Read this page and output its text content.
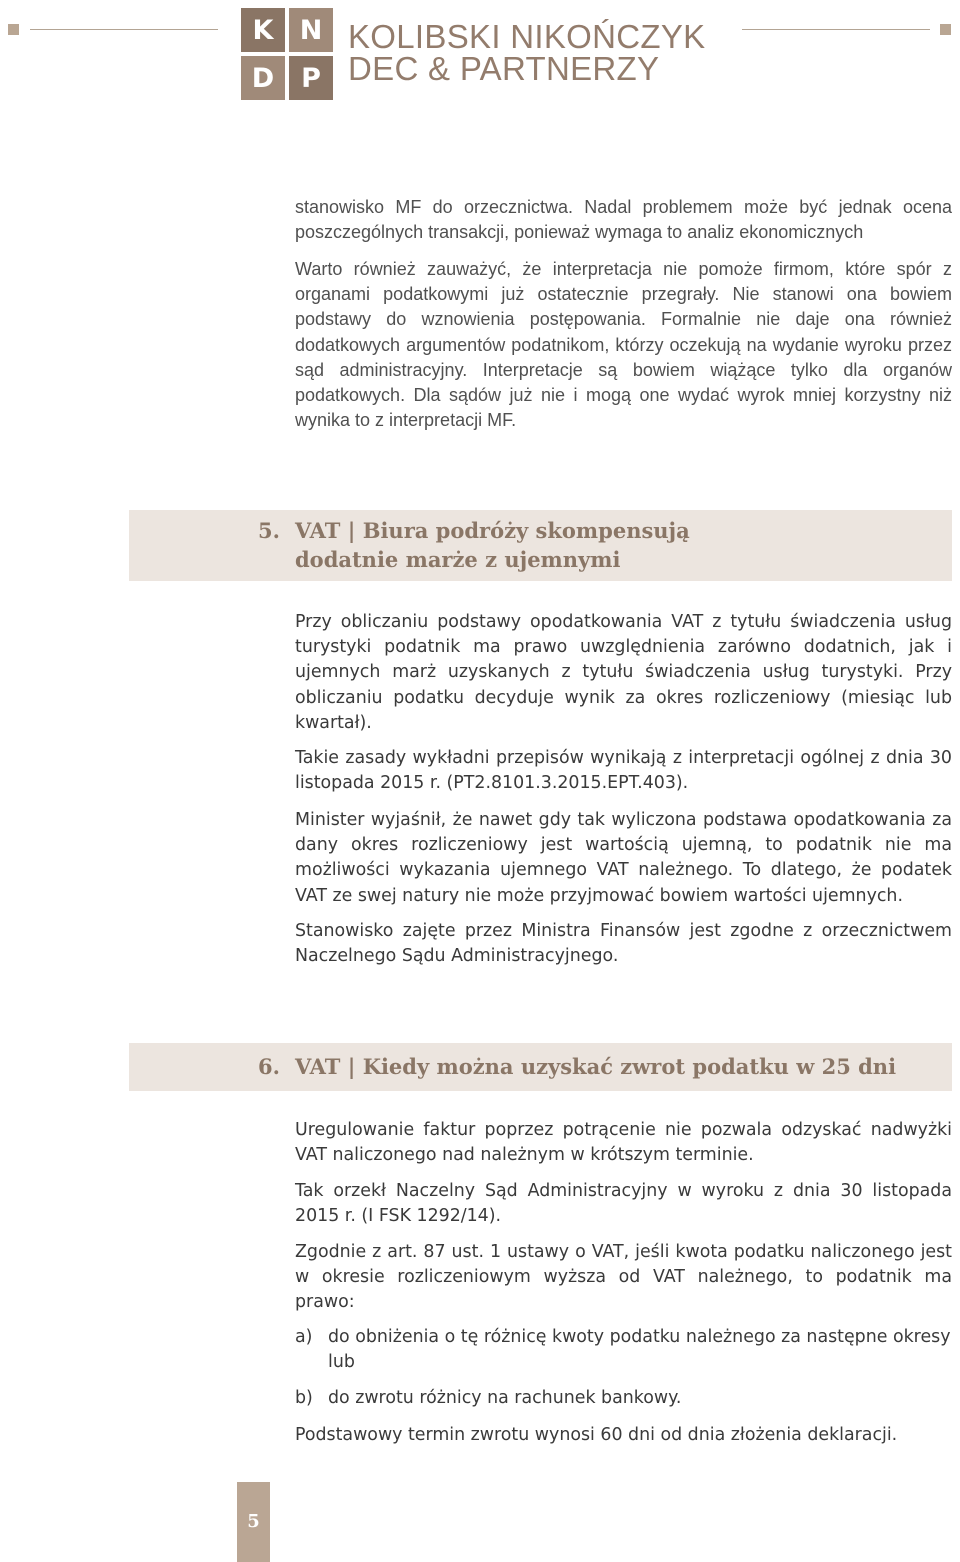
K N
D P
KOLIBSKI NIKOŃCZYK
DEC & PARTNERZY

stanowisko MF do orzecznictwa. Nadal problemem może być jednak ocena poszczególnych transakcji, ponieważ wymaga to analiz ekonomicznych

Warto również zauważyć, że interpretacja nie pomoże firmom, które spór z organami podatkowymi już ostatecznie przegrały. Nie stanowi ona bowiem podstawy do wznowienia postępowania. Formalnie nie daje ona również dodatkowych argumentów podatnikom, którzy oczekują na wydanie wyroku przez sąd administracyjny. Interpretacje są bowiem wiążące tylko dla organów podatkowych. Dla sądów już nie i mogą one wydać wyrok mniej korzystny niż wynika to z interpretacji MF.

5. VAT | Biura podróży skompensują
dodatnie marże z ujemnymi

Przy obliczaniu podstawy opodatkowania VAT z tytułu świadczenia usług turystyki podatnik ma prawo uwzględnienia zarówno dodatnich, jak i ujemnych marż uzyskanych z tytułu świadczenia usług turystyki. Przy obliczaniu podatku decyduje wynik za okres rozliczeniowy (miesiąc lub kwartał).

Takie zasady wykładni przepisów wynikają z interpretacji ogólnej z dnia 30 listopada 2015 r. (PT2.8101.3.2015.EPT.403).

Minister wyjaśnił, że nawet gdy tak wyliczona podstawa opodatkowania za dany okres rozliczeniowy jest wartością ujemną, to podatnik nie ma możliwości wykazania ujemnego VAT należnego. To dlatego, że podatek VAT ze swej natury nie może przyjmować bowiem wartości ujemnych.

Stanowisko zajęte przez Ministra Finansów jest zgodne z orzecznictwem Naczelnego Sądu Administracyjnego.

6. VAT | Kiedy można uzyskać zwrot podatku w 25 dni

Uregulowanie faktur poprzez potrącenie nie pozwala odzyskać nadwyżki VAT naliczonego nad należnym w krótszym terminie.

Tak orzekł Naczelny Sąd Administracyjny w wyroku z dnia 30 listopada 2015 r. (I FSK 1292/14).

Zgodnie z art. 87 ust. 1 ustawy o VAT, jeśli kwota podatku naliczonego jest w okresie rozliczeniowym wyższa od VAT należnego, to podatnik ma prawo:

a) do obniżenia o tę różnicę kwoty podatku należnego za następne okresy lub

b) do zwrotu różnicy na rachunek bankowy.

Podstawowy termin zwrotu wynosi 60 dni od dnia złożenia deklaracji.

5
